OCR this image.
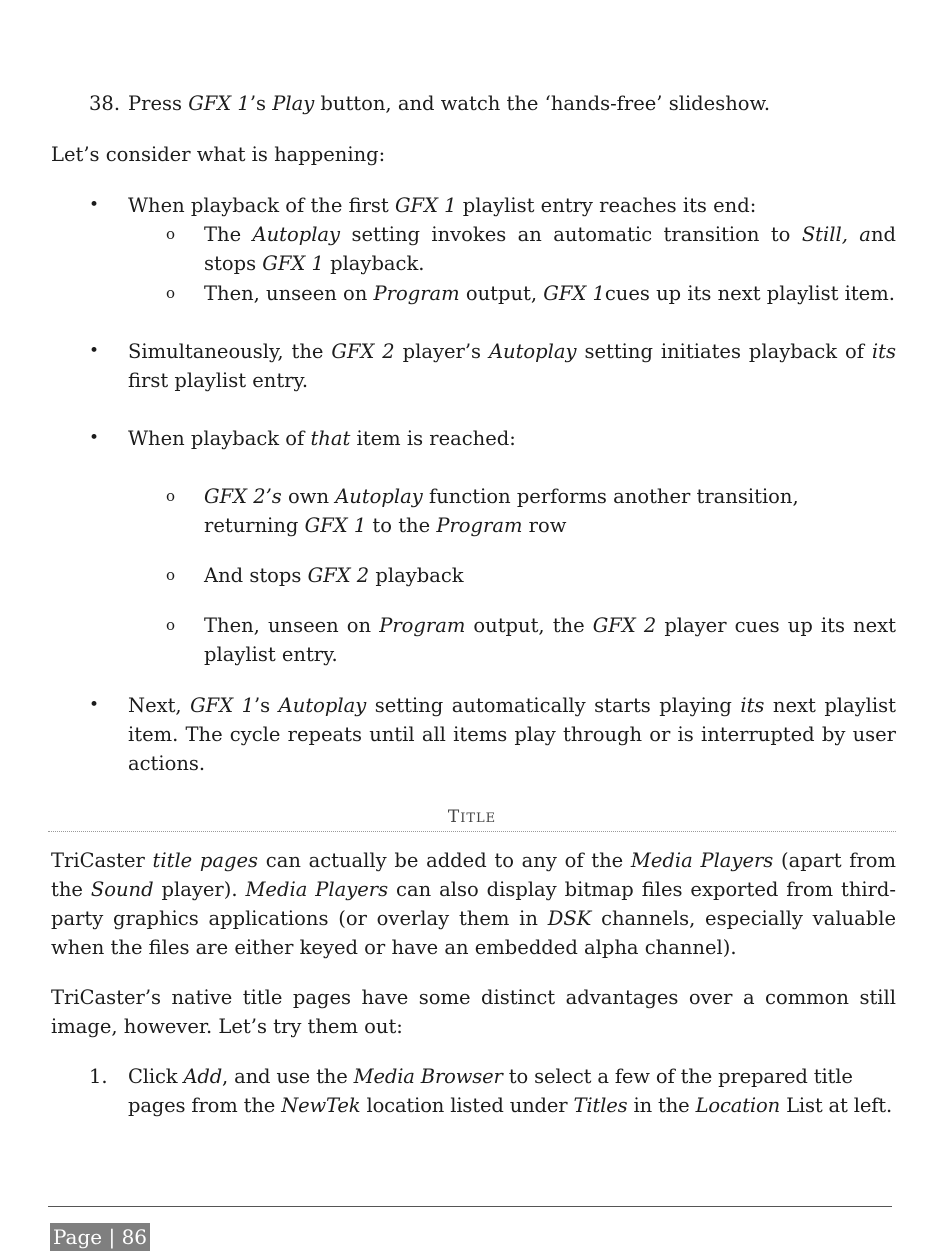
38. Press GFX 1’s Play button, and watch the ‘hands-free’ slideshow.

Let’s consider what is happening:

• When playback of the first GFX 1 playlist entry reaches its end:

o The Autoplay setting invokes an automatic transition to Still, and stops GFX 1 playback.

o Then, unseen on Program output, GFX 1cues up its next playlist item.

• Simultaneously, the GFX 2 player’s Autoplay setting initiates playback of its first playlist entry.

• When playback of that item is reached:

o GFX 2’s own Autoplay function performs another transition, returning GFX 1 to the Program row

o And stops GFX 2 playback

o Then, unseen on Program output, the GFX 2 player cues up its next playlist entry.

• Next, GFX 1’s Autoplay setting automatically starts playing its next playlist item. The cycle repeats until all items play through or is interrupted by user actions.

TITLE

TriCaster title pages can actually be added to any of the Media Players (apart from the Sound player). Media Players can also display bitmap files exported from third-party graphics applications (or overlay them in DSK channels, especially valuable when the files are either keyed or have an embedded alpha channel).

TriCaster’s native title pages have some distinct advantages over a common still image, however. Let’s try them out:

1. Click Add, and use the Media Browser to select a few of the prepared title pages from the NewTek location listed under Titles in the Location List at left.

Page | 86
